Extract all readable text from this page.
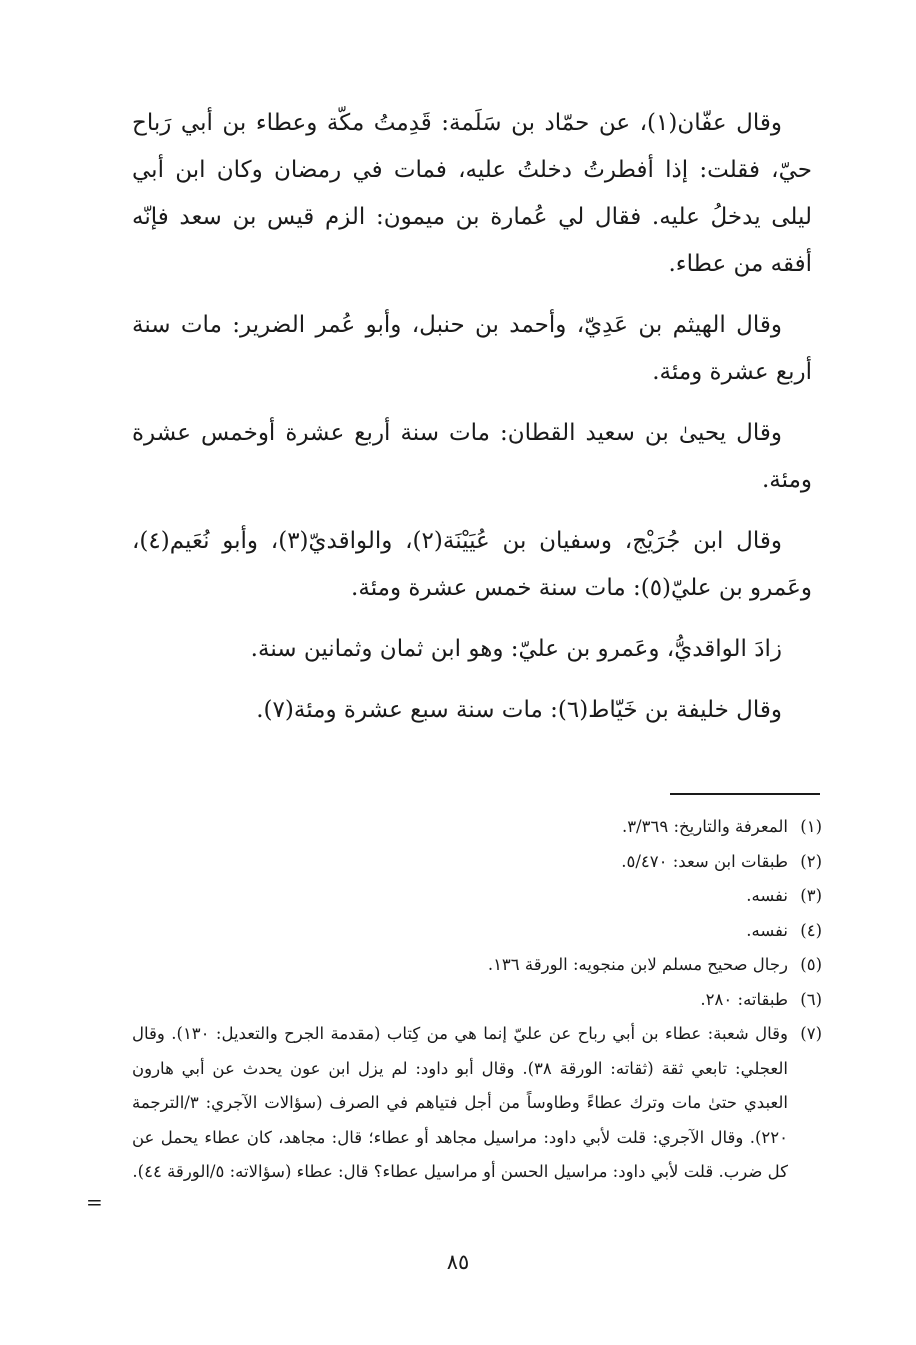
وقال عفّان(١)، عن حمّاد بن سَلَمة: قَدِمتُ مكّة وعطاء بن أبي رَباح حيّ، فقلت: إذا أفطرتُ دخلتُ عليه، فمات في رمضان وكان ابن أبي ليلى يدخلُ عليه. فقال لي عُمارة بن ميمون: الزم قيس بن سعد فإنّه أفقه من عطاء.

وقال الهيثم بن عَدِيّ، وأحمد بن حنبل، وأبو عُمر الضرير: مات سنة أربع عشرة ومئة.

وقال يحيىٰ بن سعيد القطان: مات سنة أربع عشرة أوخمس عشرة ومئة.

وقال ابن جُرَيْج، وسفيان بن عُيَيْنَة(٢)، والواقديّ(٣)، وأبو نُعَيم(٤)، وعَمرو بن عليّ(٥): مات سنة خمس عشرة ومئة.

زادَ الواقديُّ، وعَمرو بن عليّ: وهو ابن ثمان وثمانين سنة.

وقال خليفة بن خَيّاط(٦): مات سنة سبع عشرة ومئة(٧).

(١)
المعرفة والتاريخ: ٣/٣٦٩.
(٢)
طبقات ابن سعد: ٥/٤٧٠.
(٣)
نفسه.
(٤)
نفسه.
(٥)
رجال صحيح مسلم لابن منجويه: الورقة ١٣٦.
(٦)
طبقاته: ٢٨٠.
(٧)
وقال شعبة: عطاء بن أبي رباح عن عليّ إنما هي من كِتاب (مقدمة الجرح والتعديل: ١٣٠). وقال العجلي: تابعي ثقة (ثقاته: الورقة ٣٨). وقال أبو داود: لم يزل ابن عون يحدث عن أبي هارون العبدي حتىٰ مات وترك عطاءً وطاوساً من أجل فتياهم في الصرف (سؤالات الآجري: ٣/الترجمة ٢٢٠). وقال الآجري: قلت لأبي داود: مراسيل مجاهد أو عطاء؛ قال: مجاهد، كان عطاء يحمل عن كل ضرب. قلت لأبي داود: مراسيل الحسن أو مراسيل عطاء؟ قال: عطاء (سؤالاته: ٥/الورقة ٤٤).
=
٨٥
